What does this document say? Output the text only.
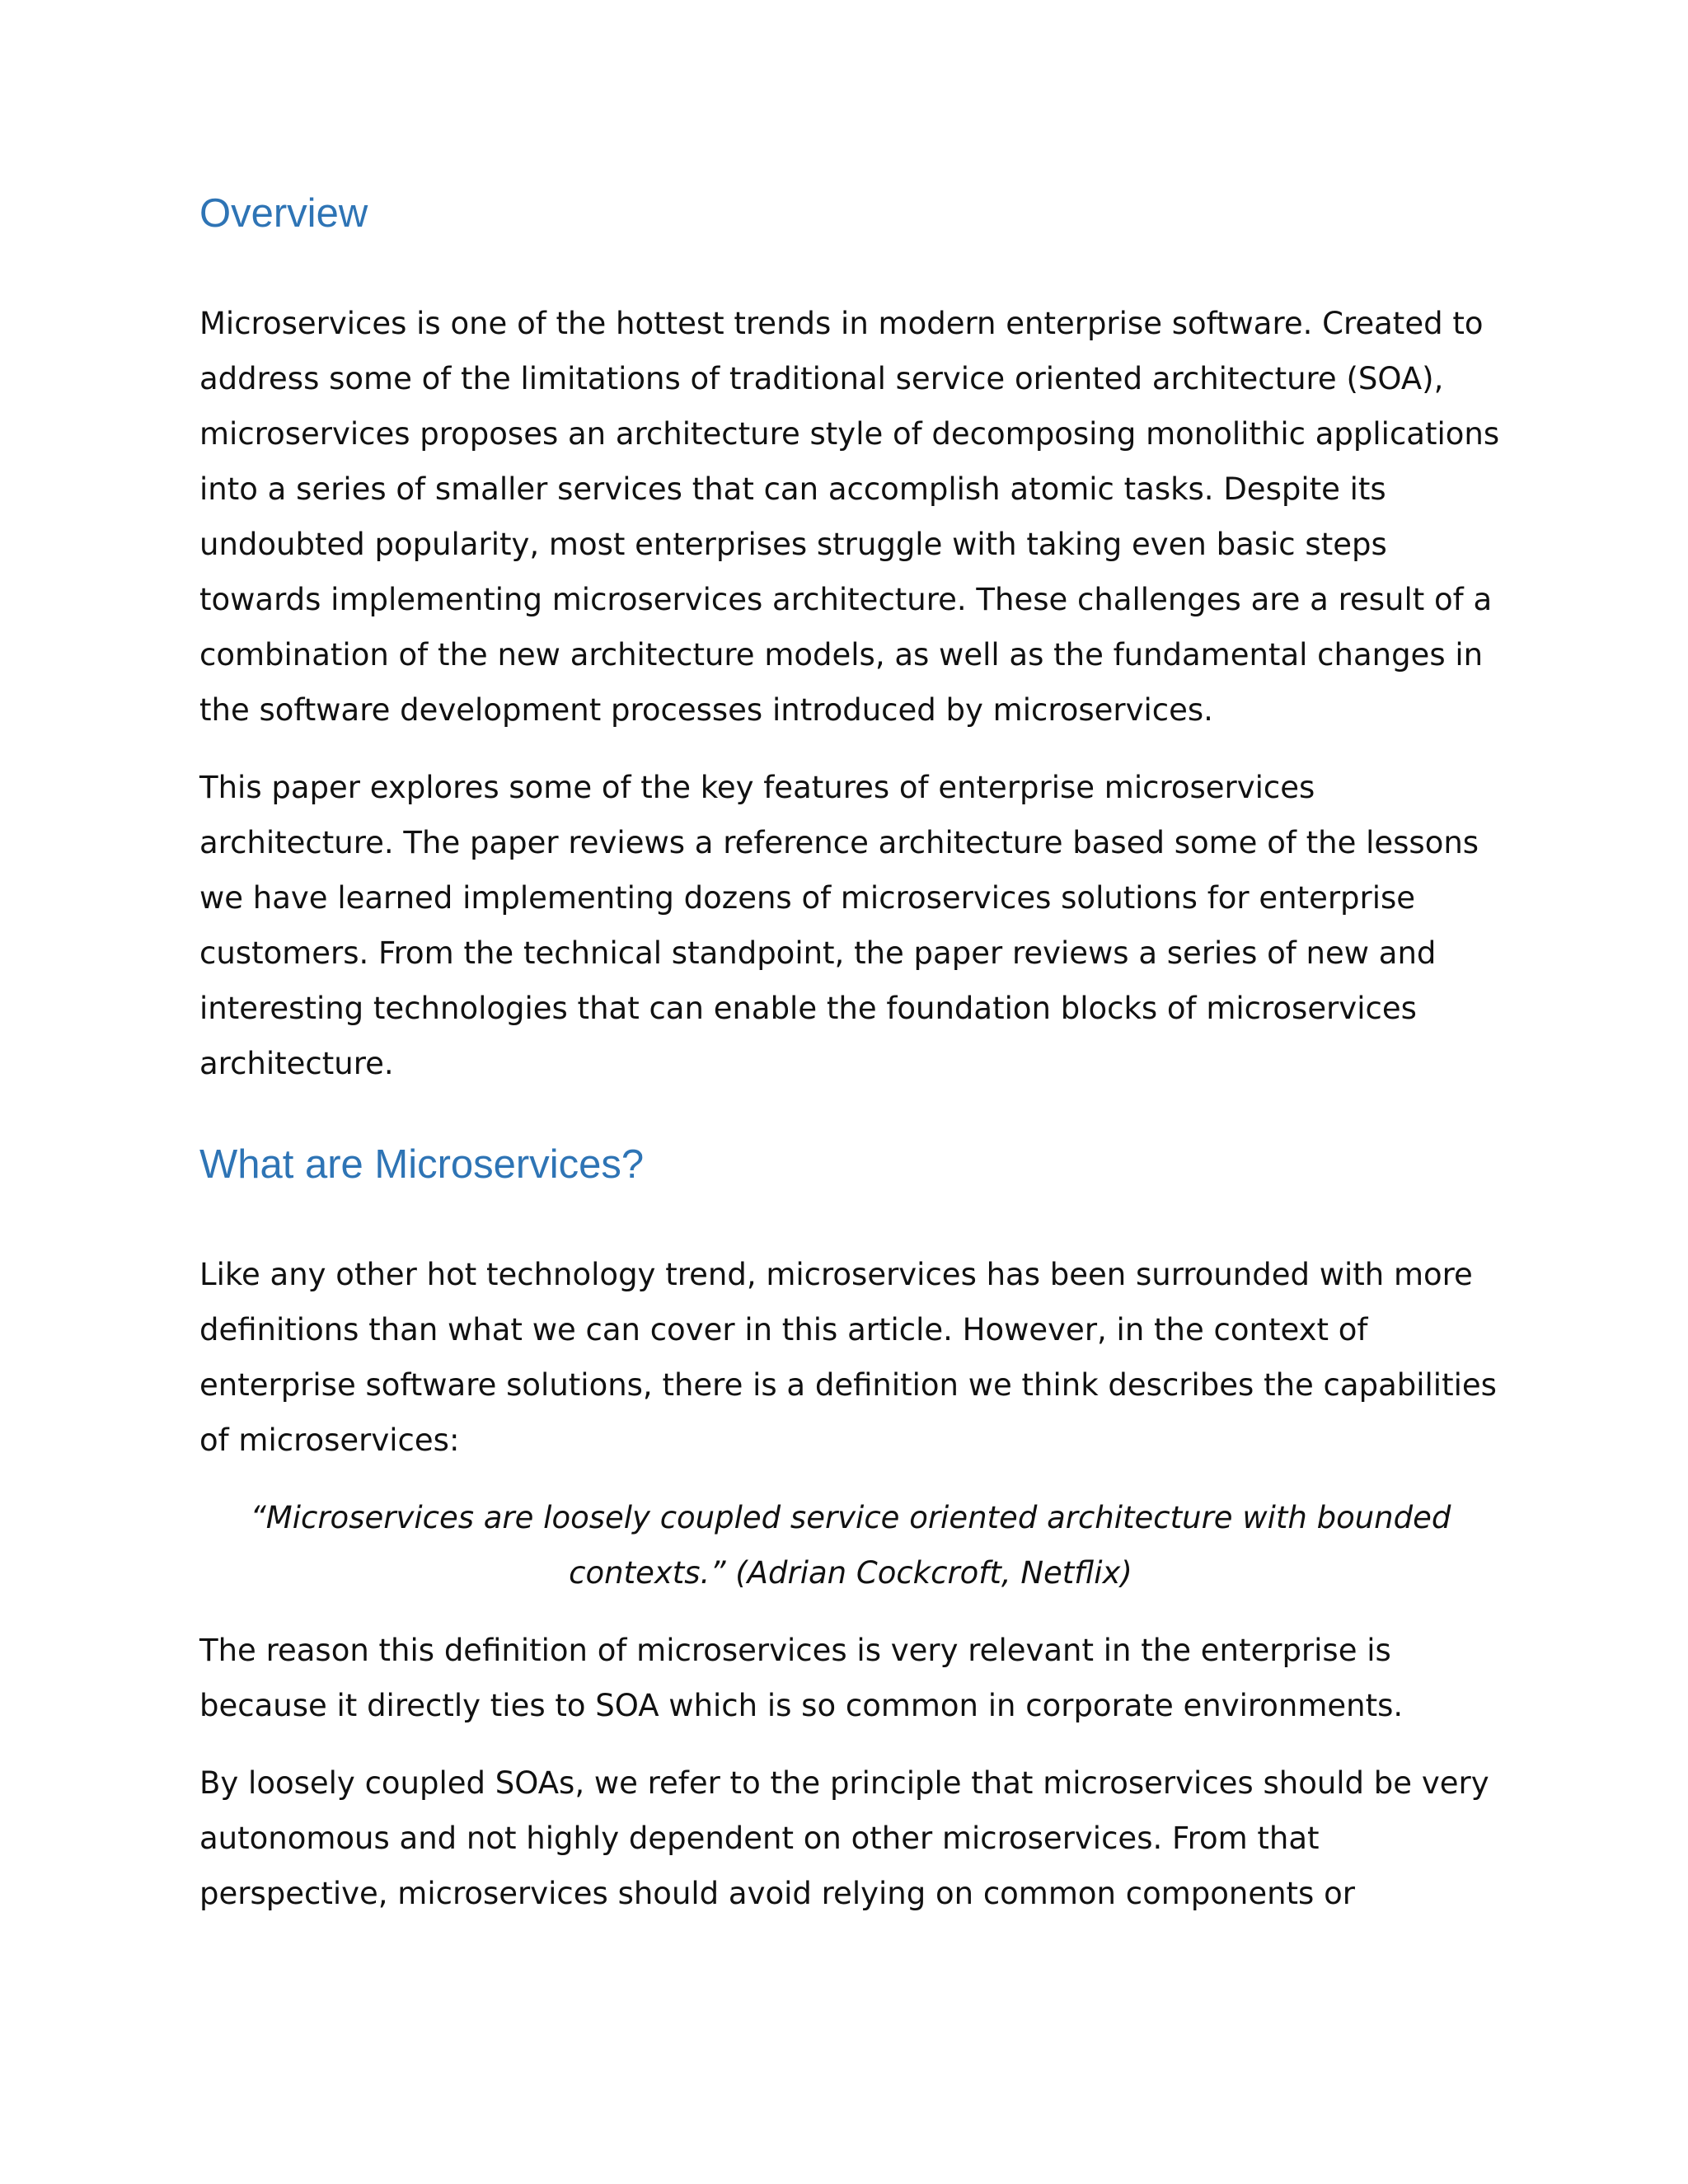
Overview

Microservices is one of the hottest trends in modern enterprise software. Created to address some of the limitations of traditional service oriented architecture (SOA), microservices proposes an architecture style of decomposing monolithic applications into a series of smaller services that can accomplish atomic tasks. Despite its undoubted popularity, most enterprises struggle with taking even basic steps towards implementing microservices architecture. These challenges are a result of a combination of the new architecture models, as well as the fundamental changes in the software development processes introduced by microservices.

This paper explores some of the key features of enterprise microservices architecture. The paper reviews a reference architecture based some of the lessons we have learned implementing dozens of microservices solutions for enterprise customers. From the technical standpoint, the paper reviews a series of new and interesting technologies that can enable the foundation blocks of microservices architecture.

What are Microservices?

Like any other hot technology trend, microservices has been surrounded with more definitions than what we can cover in this article. However, in the context of enterprise software solutions, there is a definition we think describes the capabilities of microservices:

“Microservices are loosely coupled service oriented architecture with bounded contexts.” (Adrian Cockcroft, Netflix)

The reason this definition of microservices is very relevant in the enterprise is because it directly ties to SOA which is so common in corporate environments.

By loosely coupled SOAs, we refer to the principle that microservices should be very autonomous and not highly dependent on other microservices. From that perspective, microservices should avoid relying on common components or
